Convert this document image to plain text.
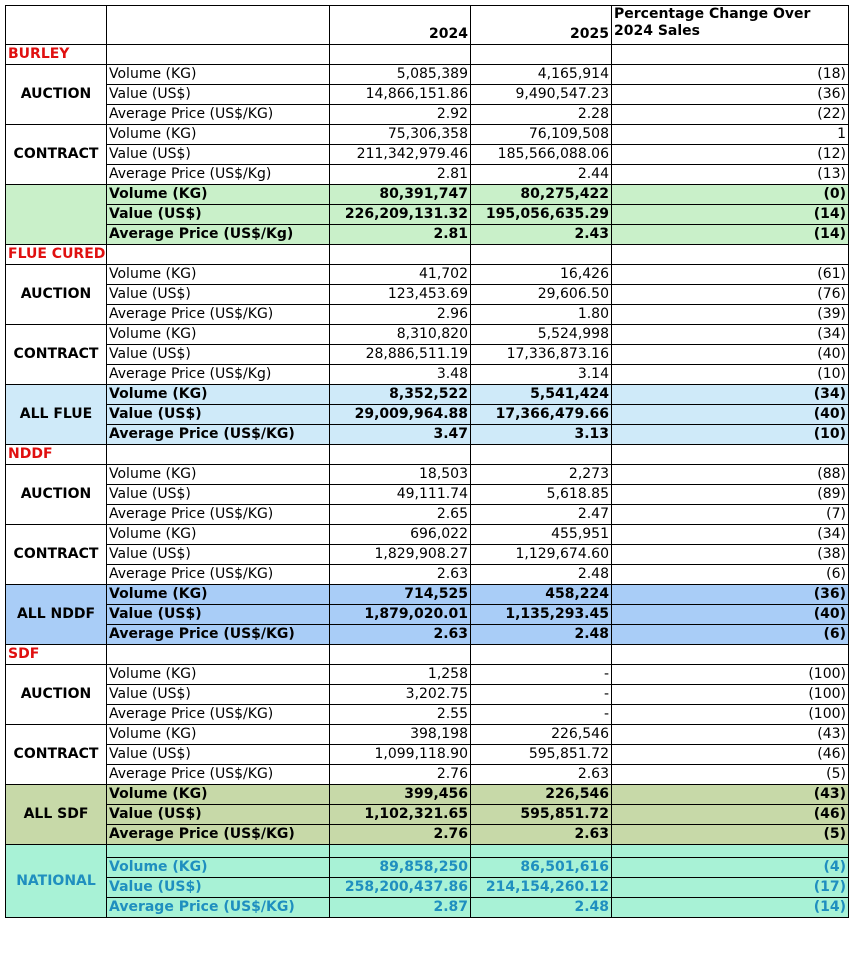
		2024	2025	Percentage Change Over 2024 Sales
BURLEY				
AUCTION	Volume (KG)	5,085,389	4,165,914	(18)
	Value (US$)	14,866,151.86	9,490,547.23	(36)
	Average Price (US$/KG)	2.92	2.28	(22)
CONTRACT	Volume (KG)	75,306,358	76,109,508	1
	Value (US$)	211,342,979.46	185,566,088.06	(12)
	Average Price (US$/Kg)	2.81	2.44	(13)
	Volume (KG)	80,391,747	80,275,422	(0)
	Value (US$)	226,209,131.32	195,056,635.29	(14)
	Average Price (US$/Kg)	2.81	2.43	(14)
FLUE CURED				
AUCTION	Volume (KG)	41,702	16,426	(61)
	Value (US$)	123,453.69	29,606.50	(76)
	Average Price (US$/KG)	2.96	1.80	(39)
CONTRACT	Volume (KG)	8,310,820	5,524,998	(34)
	Value (US$)	28,886,511.19	17,336,873.16	(40)
	Average Price (US$/Kg)	3.48	3.14	(10)
ALL FLUE	Volume (KG)	8,352,522	5,541,424	(34)
	Value (US$)	29,009,964.88	17,366,479.66	(40)
	Average Price (US$/KG)	3.47	3.13	(10)
NDDF				
AUCTION	Volume (KG)	18,503	2,273	(88)
	Value (US$)	49,111.74	5,618.85	(89)
	Average Price (US$/KG)	2.65	2.47	(7)
CONTRACT	Volume (KG)	696,022	455,951	(34)
	Value (US$)	1,829,908.27	1,129,674.60	(38)
	Average Price (US$/KG)	2.63	2.48	(6)
ALL NDDF	Volume (KG)	714,525	458,224	(36)
	Value (US$)	1,879,020.01	1,135,293.45	(40)
	Average Price (US$/KG)	2.63	2.48	(6)
SDF				
AUCTION	Volume (KG)	1,258	-	(100)
	Value (US$)	3,202.75	-	(100)
	Average Price (US$/KG)	2.55	-	(100)
CONTRACT	Volume (KG)	398,198	226,546	(43)
	Value (US$)	1,099,118.90	595,851.72	(46)
	Average Price (US$/KG)	2.76	2.63	(5)
ALL SDF	Volume (KG)	399,456	226,546	(43)
	Value (US$)	1,102,321.65	595,851.72	(46)
	Average Price (US$/KG)	2.76	2.63	(5)
NATIONAL				
	Volume (KG)	89,858,250	86,501,616	(4)
	Value (US$)	258,200,437.86	214,154,260.12	(17)
	Average Price (US$/KG)	2.87	2.48	(14)
